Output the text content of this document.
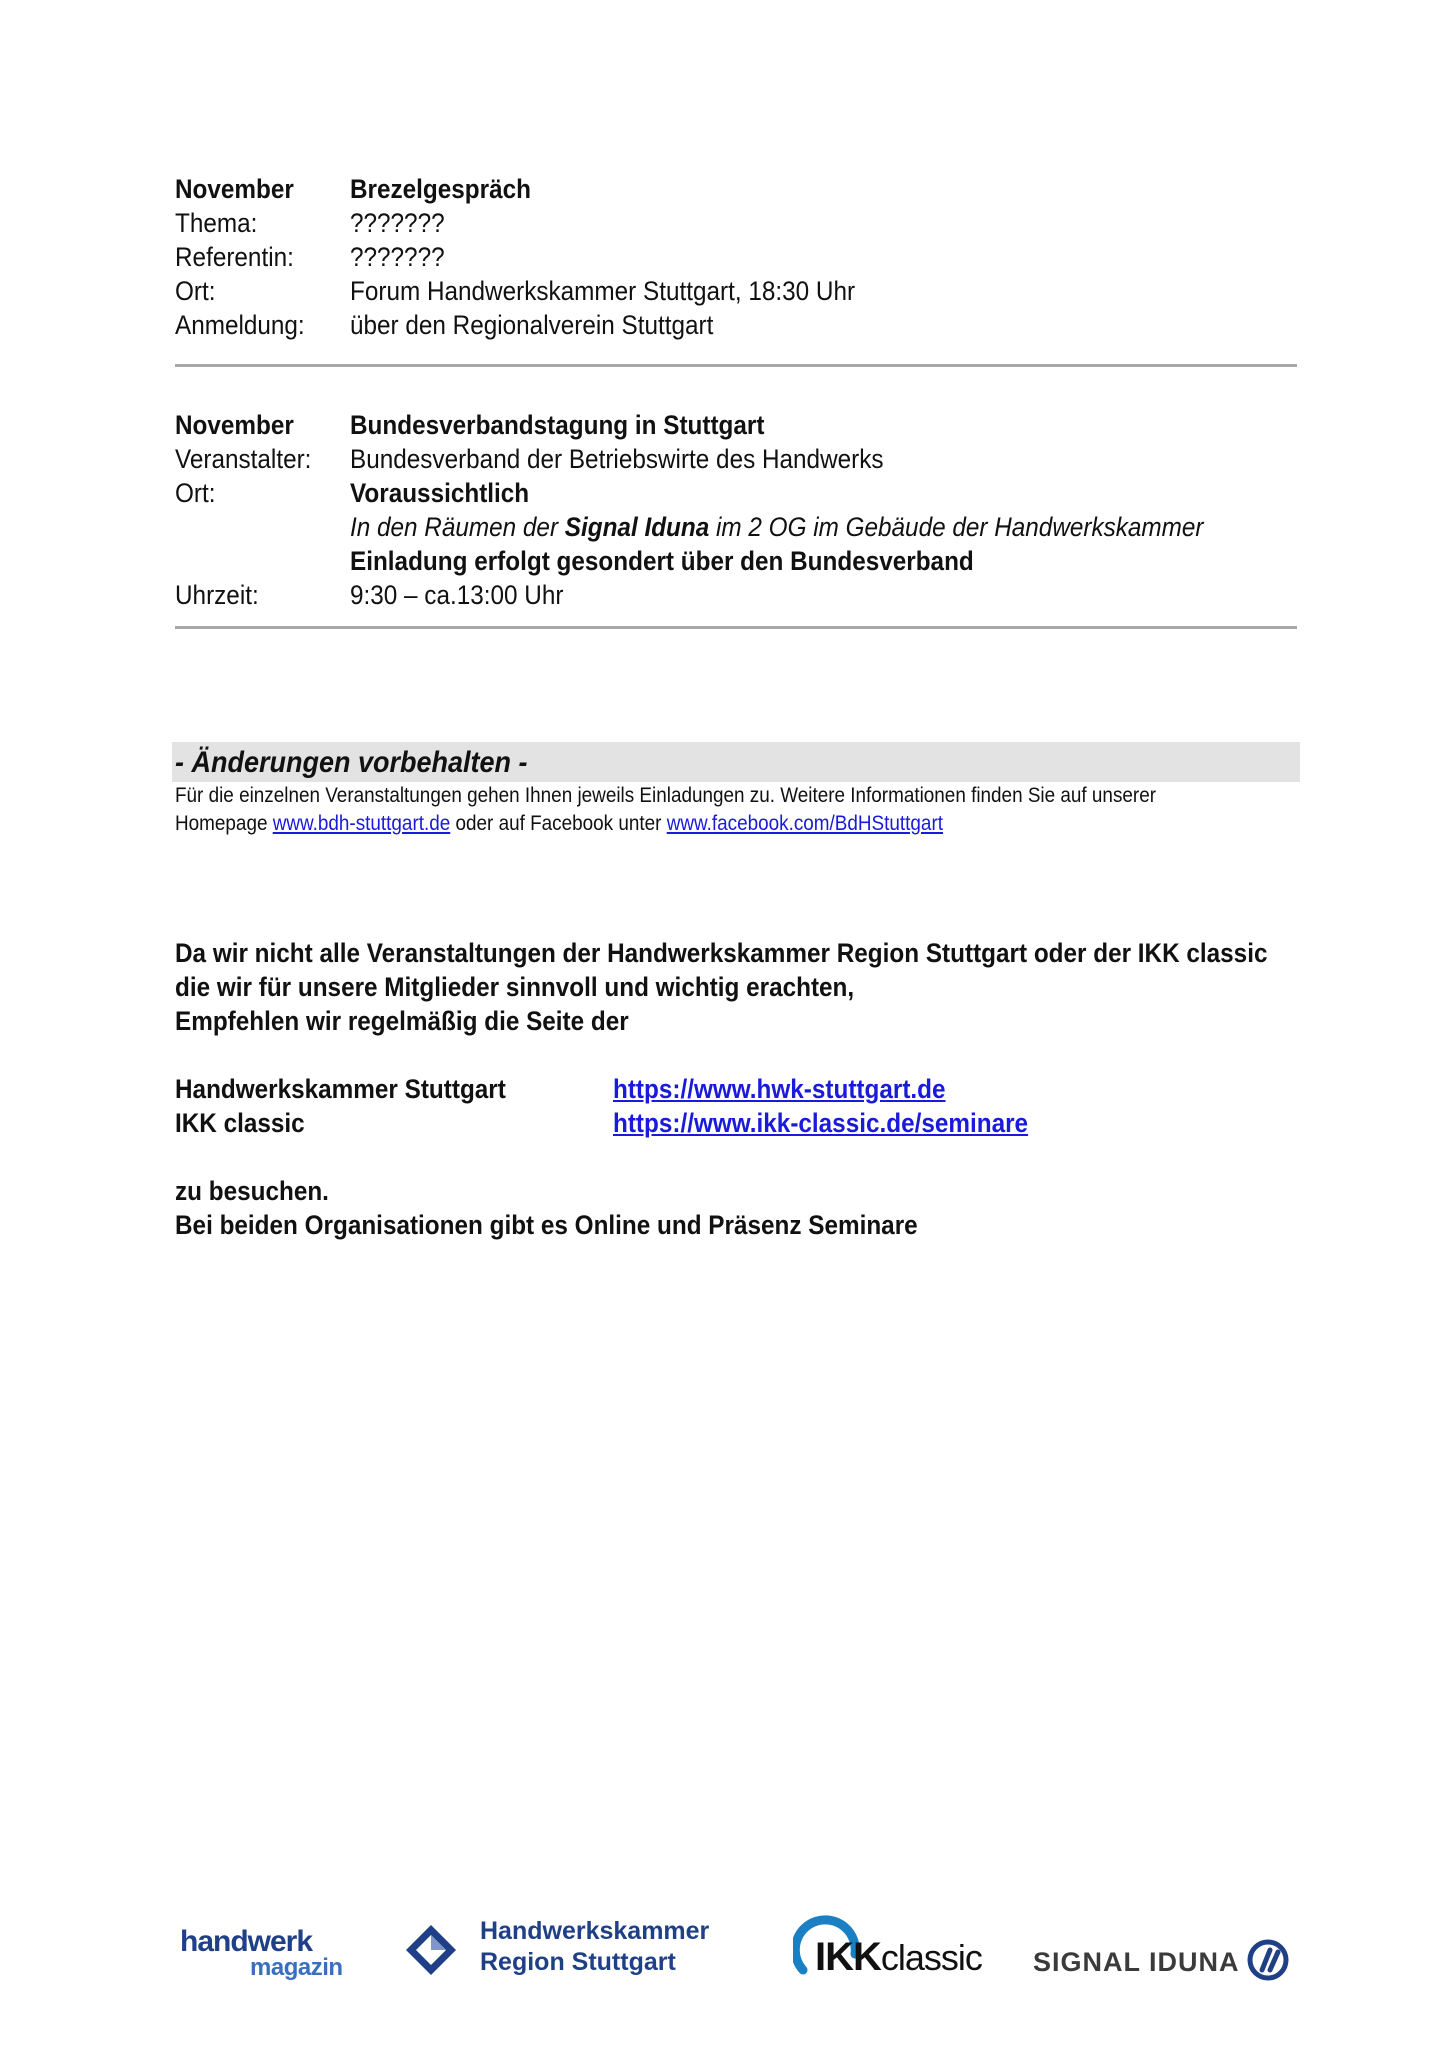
November Brezelgespräch
Thema:	???????
Referentin: ???????
Ort:	Forum Handwerkskammer Stuttgart, 18:30 Uhr
Anmeldung: über den Regionalverein Stuttgart
November Bundesverbandstagung in Stuttgart
Veranstalter: Bundesverband der Betriebswirte des Handwerks
Ort:	Voraussichtlich
In den Räumen der Signal Iduna im 2 OG im Gebäude der Handwerkskammer
Einladung erfolgt gesondert über den Bundesverband
Uhrzeit:	9:30 – ca.13:00 Uhr
- Änderungen vorbehalten -
Für die einzelnen Veranstaltungen gehen Ihnen jeweils Einladungen zu. Weitere Informationen finden Sie auf unserer
Homepage www.bdh-stuttgart.de oder auf Facebook unter www.facebook.com/BdHStuttgart
Da wir nicht alle Veranstaltungen der Handwerkskammer Region Stuttgart oder der IKK classic
die wir für unsere Mitglieder sinnvoll und wichtig erachten,
Empfehlen wir regelmäßig die Seite der
Handwerkskammer Stuttgart	https://www.hwk-stuttgart.de
IKK classic	https://www.ikk-classic.de/seminare
zu besuchen.
Bei beiden Organisationen gibt es Online und Präsenz Seminare
handwerk
magazin
Handwerkskammer
Region Stuttgart	IKKclassic SIGNAL IDUNA
